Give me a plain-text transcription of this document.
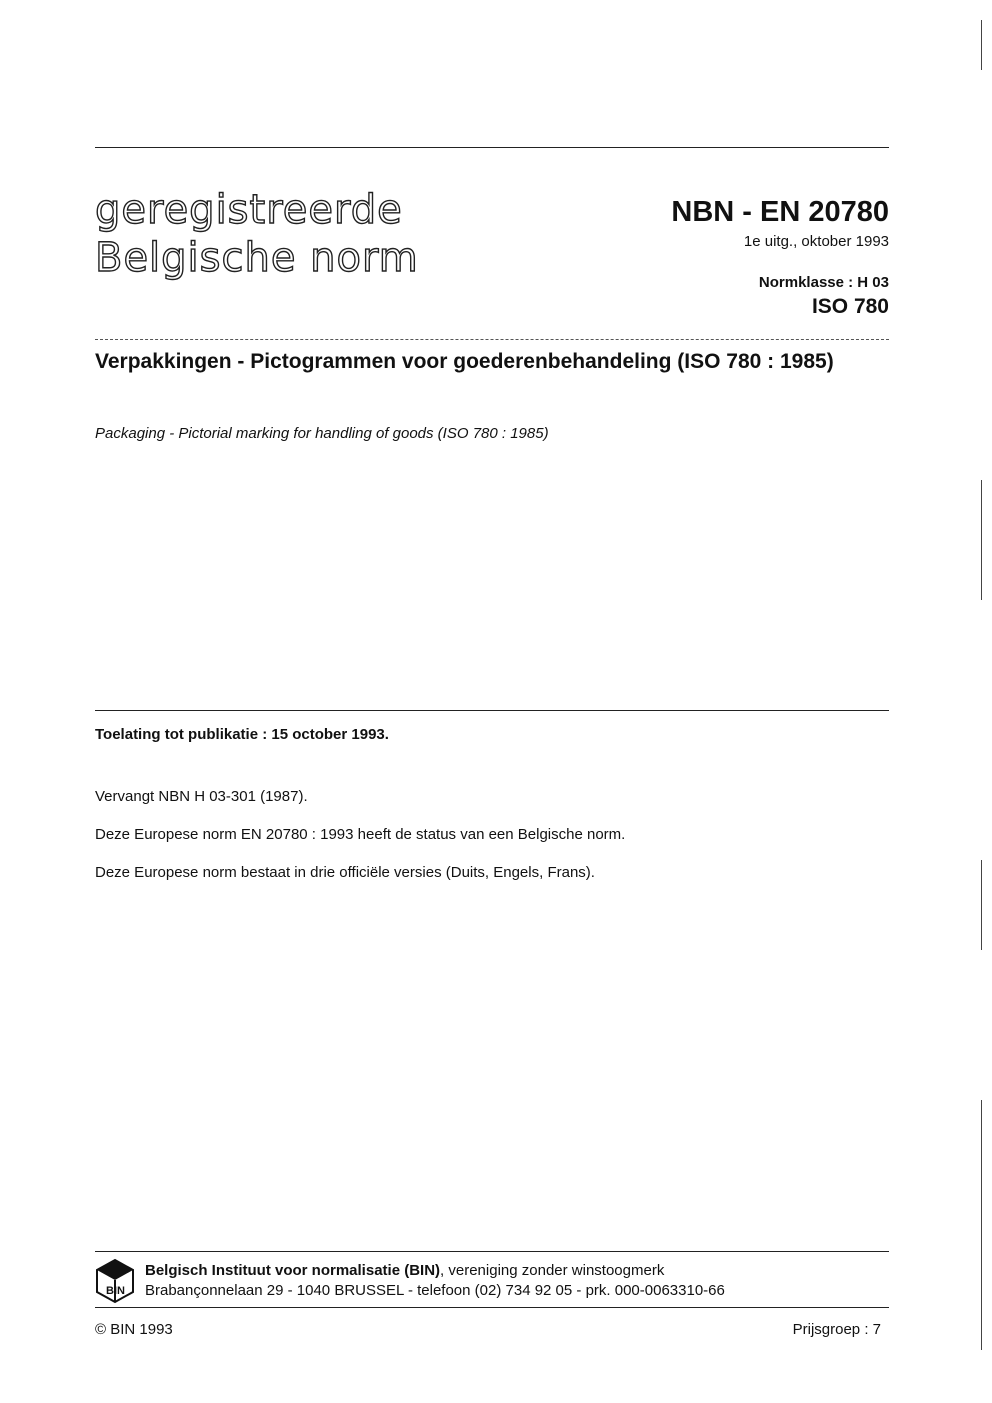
geregistreerde
Belgische norm
NBN - EN 20780
1e uitg., oktober 1993
Normklasse : H 03
ISO 780
Verpakkingen - Pictogrammen voor goederenbehandeling (ISO 780 : 1985)
Packaging - Pictorial marking for handling of goods (ISO 780 : 1985)
Toelating tot publikatie : 15 october 1993.
Vervangt NBN H 03-301 (1987).
Deze Europese norm EN 20780 : 1993 heeft de status van een Belgische norm.
Deze Europese norm bestaat in drie officiële versies (Duits, Engels, Frans).
BIN
Belgisch Instituut voor normalisatie (BIN), vereniging zonder winstoogmerk
Brabançonnelaan 29 - 1040 BRUSSEL - telefoon (02) 734 92 05 - prk. 000-0063310-66
© BIN 1993	Prijsgroep : 7
